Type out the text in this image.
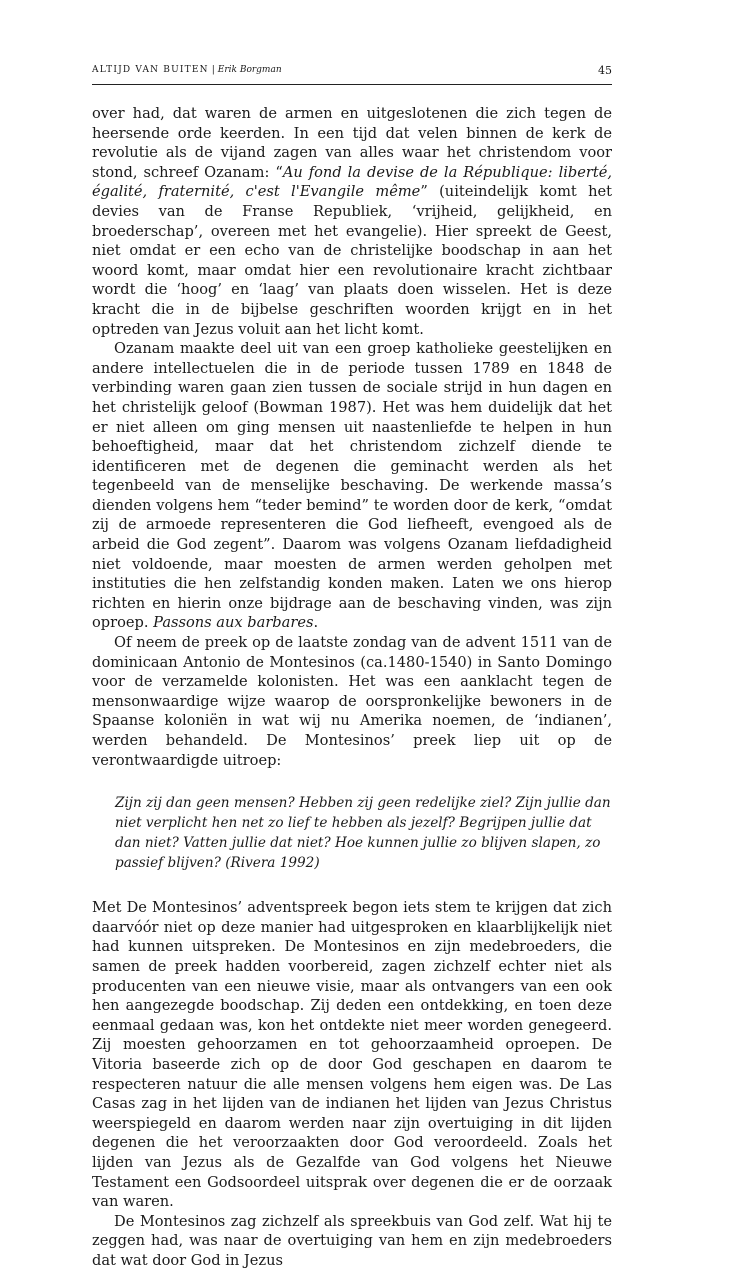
ALTIJD VAN BUITEN | Erik Borgman	45

over had, dat waren de armen en uitgeslotenen die zich tegen de heersende orde keerden. In een tijd dat velen binnen de kerk de revolutie als de vijand zagen van alles waar het christendom voor stond, schreef Ozanam: “Au fond la devise de la République: liberté, égalité, fraternité, c'est l'Evangile même” (uiteindelijk komt het devies van de Franse Republiek, ‘vrijheid, gelijkheid, en broederschap’, overeen met het evangelie). Hier spreekt de Geest, niet omdat er een echo van de christelijke boodschap in aan het woord komt, maar omdat hier een revolutionaire kracht zichtbaar wordt die ‘hoog’ en ‘laag’ van plaats doen wisselen. Het is deze kracht die in de bijbelse geschriften woorden krijgt en in het optreden van Jezus voluit aan het licht komt.

Ozanam maakte deel uit van een groep katholieke geestelijken en andere intellectuelen die in de periode tussen 1789 en 1848 de verbinding waren gaan zien tussen de sociale strijd in hun dagen en het christelijk geloof (Bowman 1987). Het was hem duidelijk dat het er niet alleen om ging mensen uit naastenliefde te helpen in hun behoeftigheid, maar dat het christendom zichzelf diende te identificeren met de degenen die geminacht werden als het tegenbeeld van de menselijke beschaving. De werkende massa’s dienden volgens hem “teder bemind” te worden door de kerk, “omdat zij de armoede representeren die God liefheeft, evengoed als de arbeid die God zegent”. Daarom was volgens Ozanam liefdadigheid niet voldoende, maar moesten de armen werden geholpen met instituties die hen zelfstandig konden maken. Laten we ons hierop richten en hierin onze bijdrage aan de beschaving vinden, was zijn oproep. Passons aux barbares.

Of neem de preek op de laatste zondag van de advent 1511 van de dominicaan Antonio de Montesinos (ca.1480-1540) in Santo Domingo voor de verzamelde kolonisten. Het was een aanklacht tegen de mensonwaardige wijze waarop de oorspronkelijke bewoners in de Spaanse koloniën in wat wij nu Amerika noemen, de ‘indianen’, werden behandeld. De Montesinos’ preek liep uit op de verontwaardigde uitroep:

Zijn zij dan geen mensen? Hebben zij geen redelijke ziel? Zijn jullie dan niet verplicht hen net zo lief te hebben als jezelf? Begrijpen jullie dat dan niet? Vatten jullie dat niet? Hoe kunnen jullie zo blijven slapen, zo passief blijven? (Rivera 1992)

Met De Montesinos’ adventspreek begon iets stem te krijgen dat zich daarvóór niet op deze manier had uitgesproken en klaarblijkelijk niet had kunnen uitspreken. De Montesinos en zijn medebroeders, die samen de preek hadden voorbereid, zagen zichzelf echter niet als producenten van een nieuwe visie, maar als ontvangers van een ook hen aangezegde boodschap. Zij deden een ontdekking, en toen deze eenmaal gedaan was, kon het ontdekte niet meer worden genegeerd. Zij moesten gehoorzamen en tot gehoorzaamheid oproepen. De Vitoria baseerde zich op de door God geschapen en daarom te respecteren natuur die alle mensen volgens hem eigen was. De Las Casas zag in het lijden van de indianen het lijden van Jezus Christus weerspiegeld en daarom werden naar zijn overtuiging in dit lijden degenen die het veroorzaakten door God veroordeeld. Zoals het lijden van Jezus als de Gezalfde van God volgens het Nieuwe Testament een Godsoordeel uitsprak over degenen die er de oorzaak van waren.

De Montesinos zag zichzelf als spreekbuis van God zelf. Wat hij te zeggen had, was naar de overtuiging van hem en zijn medebroeders dat wat door God in Jezus
